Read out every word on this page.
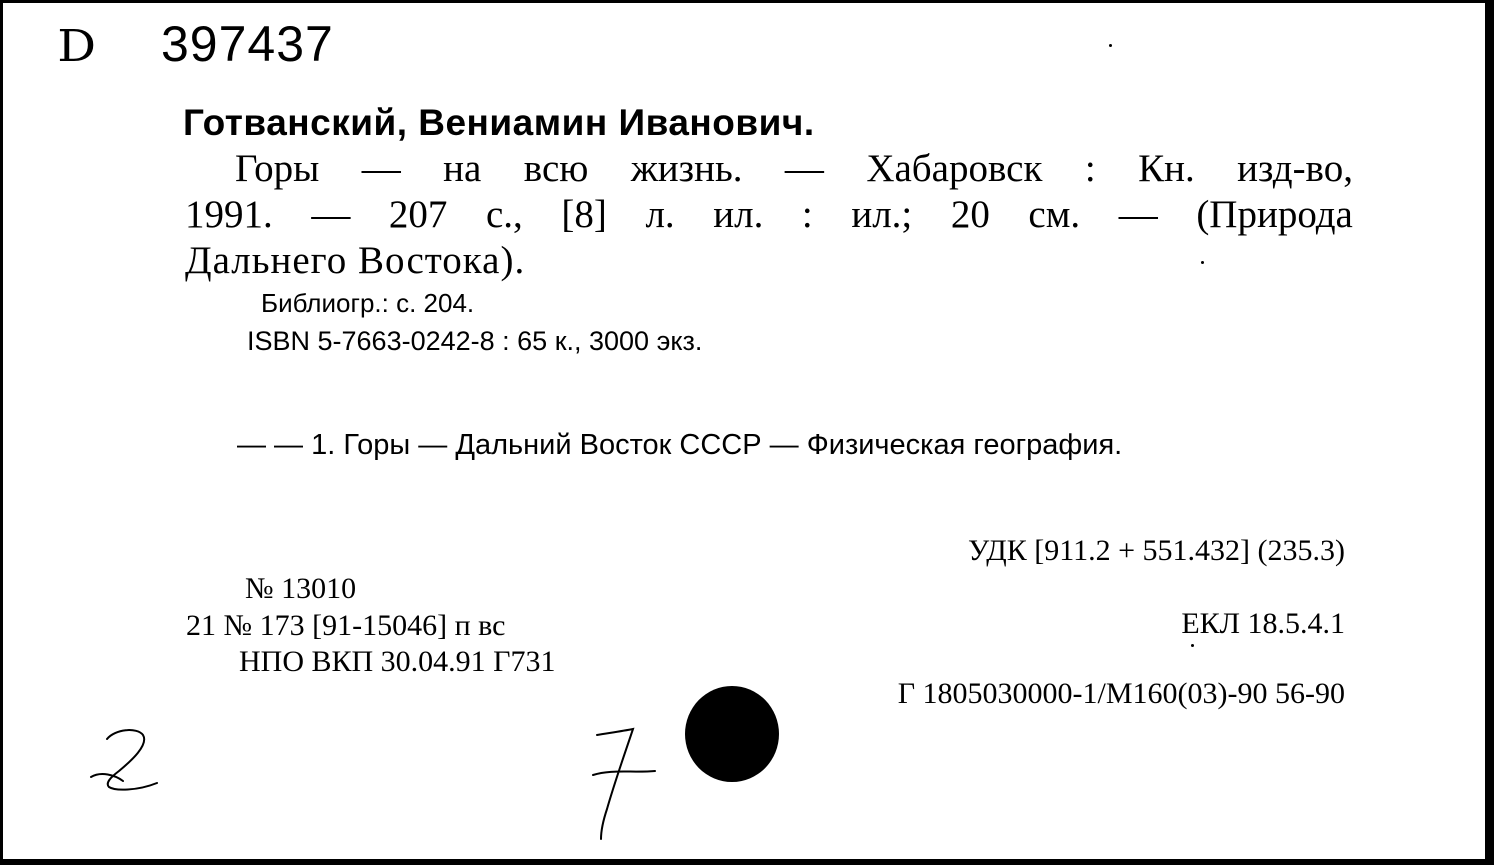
D 397437
Готванский, Вениамин Иванович.
Горы — на всю жизнь. — Хабаровск : Кн. изд-во,
1991. — 207 с., [8] л. ил. : ил.; 20 см. — (Природа
Дальнего Востока).
Библиогр.: с. 204.
ISBN 5-7663-0242-8 : 65 к., 3000 экз.
— — 1. Горы — Дальний Восток СССР — Физическая география.
УДК [911.2 + 551.432] (235.3)
№ 13010
21 № 173 [91-15046] п вс
НПО ВКП 30.04.91 Г731
ЕКЛ 18.5.4.1
Г 1805030000-1/М160(03)-90 56-90
